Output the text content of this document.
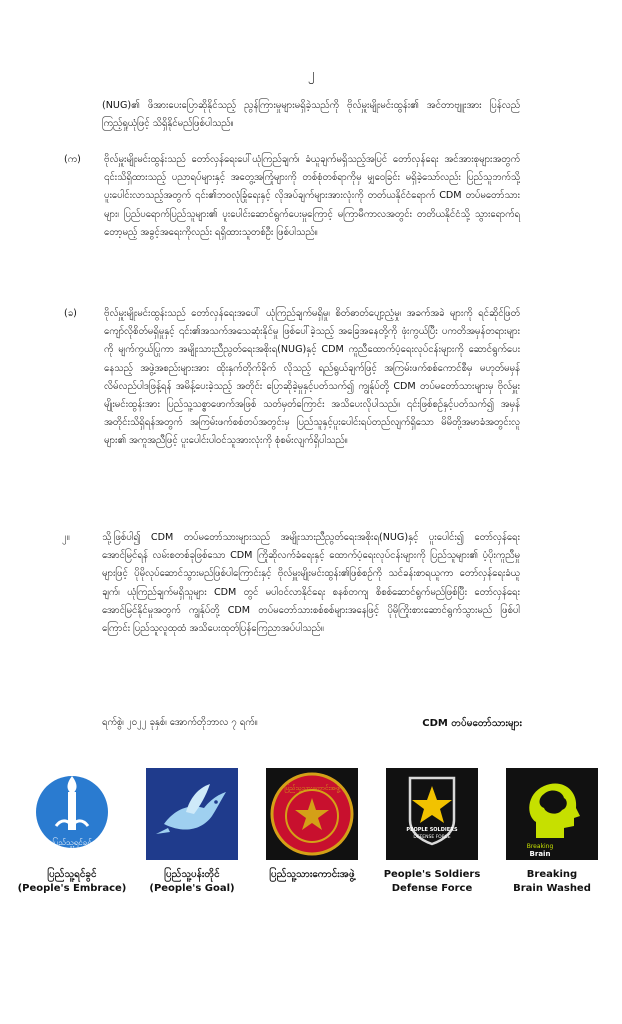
၂
(NUG)၏ ဖိအားပေးပြောဆိုနိုင်သည့် ညွန်ကြားမှုများမရှိခဲ့သည်ကို ဗိုလ်မှူးမျိုးမင်းထွန်း၏ အင်တာဗျူးအား ပြန်လည်ကြည့်ရှုယုံဖြင့် သိရှိနိုင်မည်ဖြစ်ပါသည်။
(က)	ဗိုလ်မှူးမျိုးမင်းထွန်းသည် တော်လှန်ရေးပေါ်ယုံကြည်ချက်၊ ခံယူချက်မရှိသည့်အပြင် တော်လှန်ရေး အင်အားစုများအတွက် ၎င်းသိရှိထားသည့် ပညာရပ်များနှင့် အတွေ့အကြုံများကို တစ်စုံတစ်ရာကိုမှ မျှဝေခြင်း မရှိခဲ့သော်လည်း ပြည်သူဘက်သို့ ပူးပေါင်းလာသည့်အတွက် ၎င်း၏ဘဝလုံခြုံရေးနှင့် လိုအပ်ချက်များအားလုံးကို တတ်ယနိုင်ငံရောက် CDM တပ်မတော်သားများ၊ ပြည်ပရောက်ပြည်သူများ၏ ပူးပေါင်းဆောင်ရွက်ပေးမှုကြောင့် မကြာမီကာလအတွင်း တတိယနိုင်ငံသို့ သွားရောက်ရတော့မည့် အခွင့်အရေးကိုလည်း ရရှိထားသူတစ်ဦး ဖြစ်ပါသည်။
(ခ)	ဗိုလ်မှူးမျိုးမင်းထွန်းသည် တော်လှန်ရေးအပေါ် ယုံကြည်ချက်မရှိမှု၊ စိတ်ဓာတ်ပျော့ညံ့မှု၊ အခက်အခဲ များကို ရင်ဆိုင်ဖြတ်ကျော်လိုစိတ်မရှိမှုနှင့် ၎င်း၏အသက်အသေဆုံးနိုင်မှု ဖြစ်ပေါ်ခဲ့သည့် အခြေအနေတို့ကို ဖုံးကွယ်ပြီး ပကတိအမှန်တရားများကို မျက်ကွယ်ပြုကာ အမျိုးသားညီညွတ်ရေးအစိုးရ(NUG)နှင့် CDM ကူညီထောက်ပံ့ရေးလုပ်ငန်းများကို ဆောင်ရွက်ပေးနေသည့် အဖွဲ့အစည်းများအား ထိုးနှက်တိုက်ခိုက် လိုသည့် ရည်ရွယ်ချက်ဖြင့် အကြမ်းဖက်စစ်ကောင်စီမှ မဟုတ်မမှန်လိမ်လည်ပါဒဖြန့်ရန် အမိန့်ပေးခဲ့သည့် အတိုင်း ပြောဆိုခဲ့မှုနှင့်ပတ်သက်၍ ကျွန်ုပ်တို့ CDM တပ်မတော်သားများမှ ဗိုလ်မှူးမျိုးမင်းထွန်းအား ပြည်သူ့သစ္စာဖောက်အဖြစ် သတ်မှတ်ကြောင်း အသိပေးလိုပါသည်။ ၎င်းဖြစ်စဉ်နှင့်ပတ်သက်၍ အမှန်အတိုင်းသိရှိရန်အတွက် အကြမ်းဖက်စစ်တပ်အတွင်းမှ ပြည်သူနှင့်ပူးပေါင်းရပ်တည်လျက်ရှိသော မိမိတို့အမာခံအတွင်းလူများ၏ အကူအညီဖြင့် ပူးပေါင်းပါဝင်သူအားလုံးကို စုံစမ်းလျက်ရှိပါသည်။
၂။	သို့ဖြစ်ပါ၍ CDM တပ်မတော်သားများသည် အမျိုးသားညီညွတ်ရေးအစိုးရ(NUG)နှင့် ပူးပေါင်း၍ တော်လှန်ရေး အောင်မြင်ရန် လမ်းစတစ်ခုဖြစ်သော CDM ကြိုဆိုလက်ခံရေးနှင့် ထောက်ပံ့ရေးလုပ်ငန်းများကို ပြည်သူများ၏ ပံ့ပိုးကူညီမှုများဖြင့် ပိုမိုလုပ်ဆောင်သွားမည်ဖြစ်ပါကြောင်းနှင့် ဗိုလ်မှူးမျိုးမင်းထွန်း၏ဖြစ်စဉ်ကို သင်ခန်းစာရယူကာ တော်လှန်ရေးခံယူချက်၊ ယုံကြည်ချက်မရှိသူများ CDM တွင် မပါဝင်လာနိုင်ရေး စနစ်တကျ စိစစ်ဆောင်ရွက်မည်ဖြစ်ပြီး တော်လှန်ရေးအောင်မြင်နိုင်မှုအတွက် ကျွန်ုပ်တို့ CDM တပ်မတော်သားစစ်စစ်များအနေဖြင့် ပိုမိုကြိုးစားဆောင်ရွက်သွားမည် ဖြစ်ပါကြောင်း ပြည်သူလူထုထံ အသိပေးထုတ်ပြန်ကြေညာအပ်ပါသည်။
ရက်စွဲ၊ ၂၀၂၂ ခုနှစ်၊ အောက်တိုဘာလ ၇ ရက်။	CDM တပ်မတော်သားများ
ပြည်သူ့ရင်ခွင်
ပြည်သူ့သားကောင်းအဖွဲ့
PEOPLE SOLDIERS
DEFENSE FORCE
Breaking
Brain
ပြည်သူ့ရင်ခွင်
(People's Embrace)
ပြည်သူ့ပန်းတိုင်
(People's Goal)
ပြည်သူ့သားကောင်းအဖွဲ့	People's Soldiers
Defense Force
Breaking
Brain Washed
